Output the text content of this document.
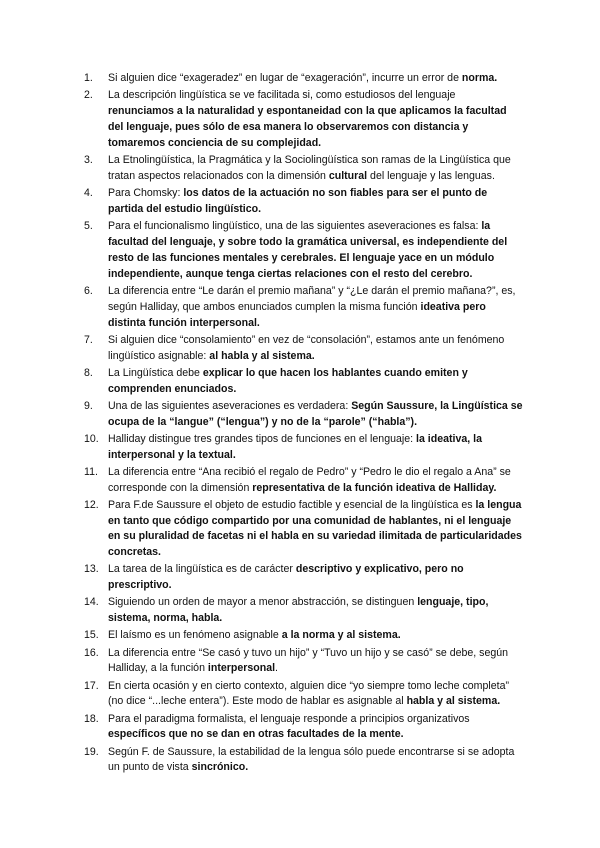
1.	Si alguien dice “exageradez” en lugar de “exageración”, incurre un error de norma.
2.	La descripción lingüística se ve facilitada si, como estudiosos del lenguaje renunciamos a la naturalidad y espontaneidad con la que aplicamos la facultad del lenguaje, pues sólo de esa manera lo observaremos con distancia y tomaremos conciencia de su complejidad.
3.	La Etnolingüística, la Pragmática y la Sociolingüística son ramas de la Lingüística que tratan aspectos relacionados con la dimensión cultural del lenguaje y las lenguas.
4.	Para Chomsky: los datos de la actuación no son fiables para ser el punto de partida del estudio lingüístico.
5.	Para el funcionalismo lingüístico, una de las siguientes aseveraciones es falsa: la facultad del lenguaje, y sobre todo la gramática universal, es independiente del resto de las funciones mentales y cerebrales. El lenguaje yace en un módulo independiente, aunque tenga ciertas relaciones con el resto del cerebro.
6.	La diferencia entre “Le darán el premio mañana” y “¿Le darán el premio mañana?”, es, según Halliday, que ambos enunciados cumplen la misma función ideativa pero distinta función interpersonal.
7.	Si alguien dice “consolamiento” en vez de “consolación”, estamos ante un fenómeno lingüístico asignable: al habla y al sistema.
8.	La Lingüística debe explicar lo que hacen los hablantes cuando emiten y comprenden enunciados.
9.	Una de las siguientes aseveraciones es verdadera: Según Saussure, la Lingüística se ocupa de la “langue” (“lengua”) y no de la “parole” (“habla”).
10. Halliday distingue tres grandes tipos de funciones en el lenguaje: la ideativa, la interpersonal y la textual.
11. La diferencia entre “Ana recibió el regalo de Pedro” y “Pedro le dio el regalo a Ana” se corresponde con la dimensión representativa de la función ideativa de Halliday.
12. Para F.de Saussure el objeto de estudio factible y esencial de la lingüística es la lengua en tanto que código compartido por una comunidad de hablantes, ni el lenguaje en su pluralidad de facetas ni el habla en su variedad ilimitada de particularidades concretas.
13. La tarea de la lingüística es de carácter descriptivo y explicativo, pero no prescriptivo.
14. Siguiendo un orden de mayor a menor abstracción, se distinguen lenguaje, tipo, sistema, norma, habla.
15. El laísmo es un fenómeno asignable a la norma y al sistema.
16. La diferencia entre “Se casó y tuvo un hijo” y “Tuvo un hijo y se casó” se debe, según Halliday, a la función interpersonal.
17. En cierta ocasión y en cierto contexto, alguien dice “yo siempre tomo leche completa” (no dice “...leche entera”). Este modo de hablar es asignable al habla y al sistema.
18. Para el paradigma formalista, el lenguaje responde a principios organizativos específicos que no se dan en otras facultades de la mente.
19. Según F. de Saussure, la estabilidad de la lengua sólo puede encontrarse si se adopta un punto de vista sincrónico.
